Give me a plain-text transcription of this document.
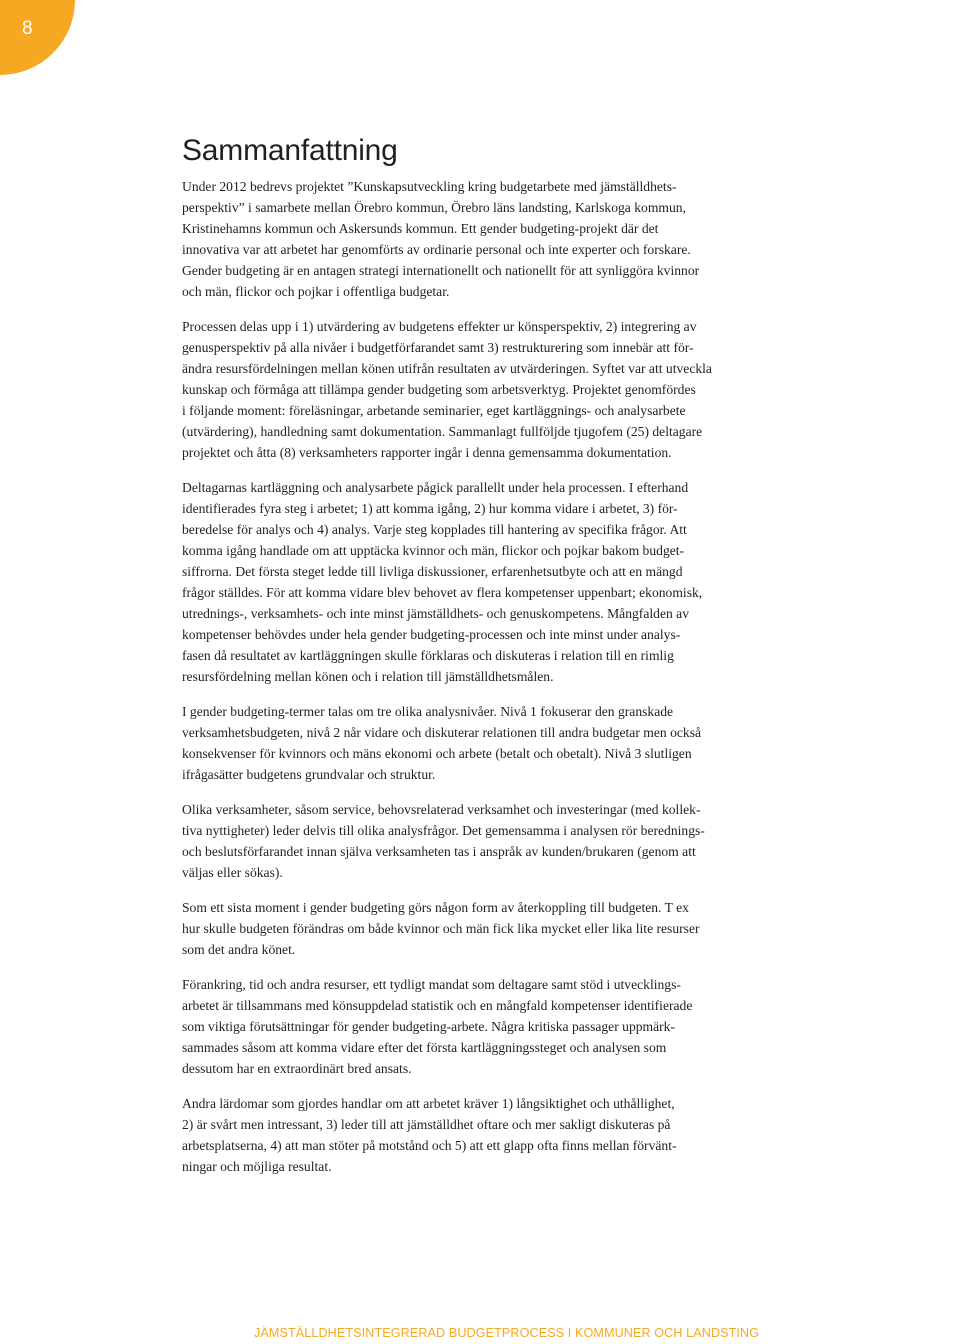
8
Sammanfattning

Under 2012 bedrevs projektet ”Kunskapsutveckling kring budgetarbete med jämställdhets-
perspektiv” i samarbete mellan Örebro kommun, Örebro läns landsting, Karlskoga kommun,
Kristinehamns kommun och Askersunds kommun. Ett gender budgeting-projekt där det
innovativa var att arbetet har genomförts av ordinarie personal och inte experter och forskare.
Gender budgeting är en antagen strategi internationellt och nationellt för att synliggöra kvinnor
och män, flickor och pojkar i offentliga budgetar.

Processen delas upp i 1) utvärdering av budgetens effekter ur könsperspektiv, 2) integrering av
genusperspektiv på alla nivåer i budgetförfarandet samt 3) restrukturering som innebär att för-
ändra resursfördelningen mellan könen utifrån resultaten av utvärderingen. Syftet var att utveckla
kunskap och förmåga att tillämpa gender budgeting som arbetsverktyg. Projektet genomfördes
i följande moment: föreläsningar, arbetande seminarier, eget kartläggnings- och analysarbete
(utvärdering), handledning samt dokumentation. Sammanlagt fullföljde tjugofem (25) deltagare
projektet och åtta (8) verksamheters rapporter ingår i denna gemensamma dokumentation.

Deltagarnas kartläggning och analysarbete pågick parallellt under hela processen. I efterhand
identifierades fyra steg i arbetet; 1) att komma igång, 2) hur komma vidare i arbetet, 3) för-
beredelse för analys och 4) analys. Varje steg kopplades till hantering av specifika frågor. Att
komma igång handlade om att upptäcka kvinnor och män, flickor och pojkar bakom budget-
siffrorna. Det första steget ledde till livliga diskussioner, erfarenhetsutbyte och att en mängd
frågor ställdes. För att komma vidare blev behovet av flera kompetenser uppenbart; ekonomisk,
utrednings-, verksamhets- och inte minst jämställdhets- och genuskompetens. Mångfalden av
kompetenser behövdes under hela gender budgeting-processen och inte minst under analys-
fasen då resultatet av kartläggningen skulle förklaras och diskuteras i relation till en rimlig
resursfördelning mellan könen och i relation till jämställdhetsmålen.

I gender budgeting-termer talas om tre olika analysnivåer. Nivå 1 fokuserar den granskade
verksamhetsbudgeten, nivå 2 når vidare och diskuterar relationen till andra budgetar men också
konsekvenser för kvinnors och mäns ekonomi och arbete (betalt och obetalt). Nivå 3 slutligen
ifrågasätter budgetens grundvalar och struktur.

Olika verksamheter, såsom service, behovsrelaterad verksamhet och investeringar (med kollek-
tiva nyttigheter) leder delvis till olika analysfrågor. Det gemensamma i analysen rör berednings-
och beslutsförfarandet innan själva verksamheten tas i anspråk av kunden/brukaren (genom att
väljas eller sökas).

Som ett sista moment i gender budgeting görs någon form av återkoppling till budgeten. T ex
hur skulle budgeten förändras om både kvinnor och män fick lika mycket eller lika lite resurser
som det andra könet.

Förankring, tid och andra resurser, ett tydligt mandat som deltagare samt stöd i utvecklings-
arbetet är tillsammans med könsuppdelad statistik och en mångfald kompetenser identifierade
som viktiga förutsättningar för gender budgeting-arbete. Några kritiska passager uppmärk-
sammades såsom att komma vidare efter det första kartläggningssteget och analysen som
dessutom har en extraordinärt bred ansats.

Andra lärdomar som gjordes handlar om att arbetet kräver 1) långsiktighet och uthållighet,
2) är svårt men intressant, 3) leder till att jämställdhet oftare och mer sakligt diskuteras på
arbetsplatserna, 4) att man stöter på motstånd och 5) att ett glapp ofta finns mellan förvänt-
ningar och möjliga resultat.

JÄMSTÄLLDHETSINTEGRERAD BUDGETPROCESS I KOMMUNER OCH LANDSTING
